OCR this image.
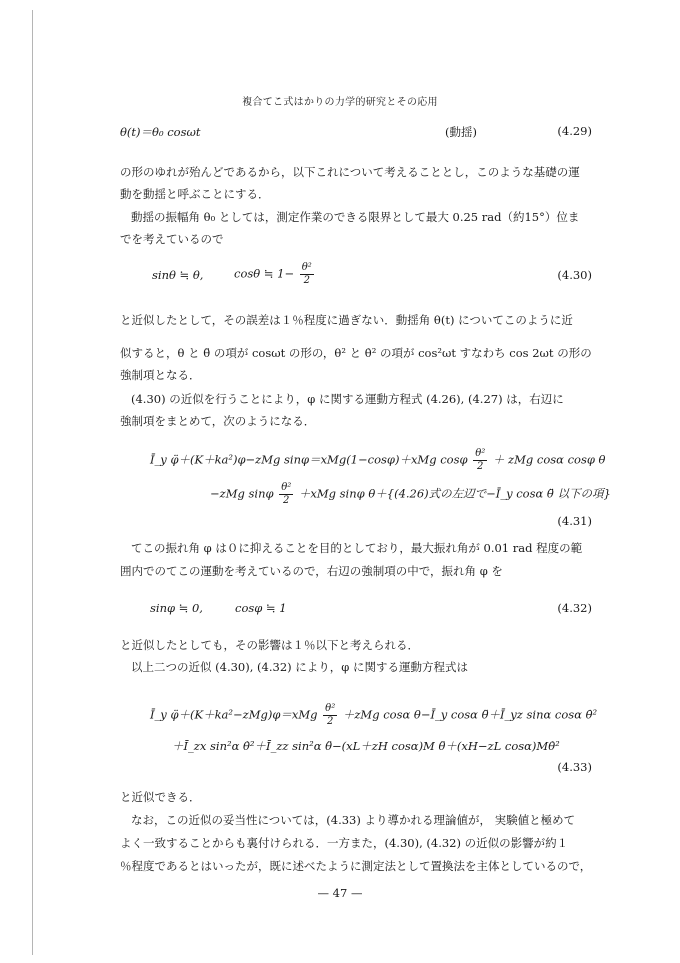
複合てこ式はかりの力学的研究とその応用
θ(t)＝θ₀ cosωt	(動揺)	(4.29)
の形のゆれが殆んどであるから，以下これについて考えることとし，このような基礎の運
動を動揺と呼ぶことにする．
動揺の振幅角 θ₀ としては，測定作業のできる限界として最大 0.25 rad（約15°）位ま
でを考えているので
sinθ ≒ θ,	cosθ ≒ $1- \frac{\text{θ²}}{2}$	(4.30)
と近似したとして，その誤差は１％程度に過ぎない．動揺角 θ(t) についてこのように近
似すると，θ と θ̈ の項が cosωt の形の，θ² と θ̇² の項が cos²ωt すなわち cos 2ωt の形の
強制項となる．
(4.30) の近似を行うことにより，φ に関する運動方程式 (4.26), (4.27) は，右辺に
強制項をまとめて，次のようになる．
Ī_y φ̈＋(K＋ka²)φ−zMg sinφ＝xMg(1−cosφ)＋xMg cosφ $\frac{\text{θ²}}{2}$ ＋ zMg cosα cosφ θ
−zMg sinφ $\frac{\text{θ²}}{2} +xMg$ sinφ θ＋{(4.26)式の左辺で−Ī_y cosα θ̈ 以下の項}
(4.31)
てこの振れ角 φ は０に抑えることを目的としており，最大振れ角が 0.01 rad 程度の範
囲内でのてこの運動を考えているので，右辺の強制項の中で，振れ角 φ を
sinφ ≒ 0,	cosφ ≒ 1	(4.32)
と近似したとしても，その影響は１％以下と考えられる．
以上二つの近似 (4.30), (4.32) により，φ に関する運動方程式は
Ī_y φ̈＋(K＋ka²−zMg)φ＝xMg $\frac{\text{θ²}}{2} +zMg$ cosα θ−Ī_y cosα θ̈＋Ī_yz sinα cosα θ̇²
＋Ī_zx sin²α θ̇²＋Ī_zz sin²α θ̈−(xL＋zH cosα)M θ̈＋(xH−zL cosα)Mθ̇²
(4.33)
と近似できる．
なお，この近似の妥当性については，(4.33) より導かれる理論値が， 実験値と極めて
よく一致することからも裏付けられる．一方また，(4.30), (4.32) の近似の影響が約１
％程度であるとはいったが，既に述べたように測定法として置換法を主体としているので，
— 47 —
